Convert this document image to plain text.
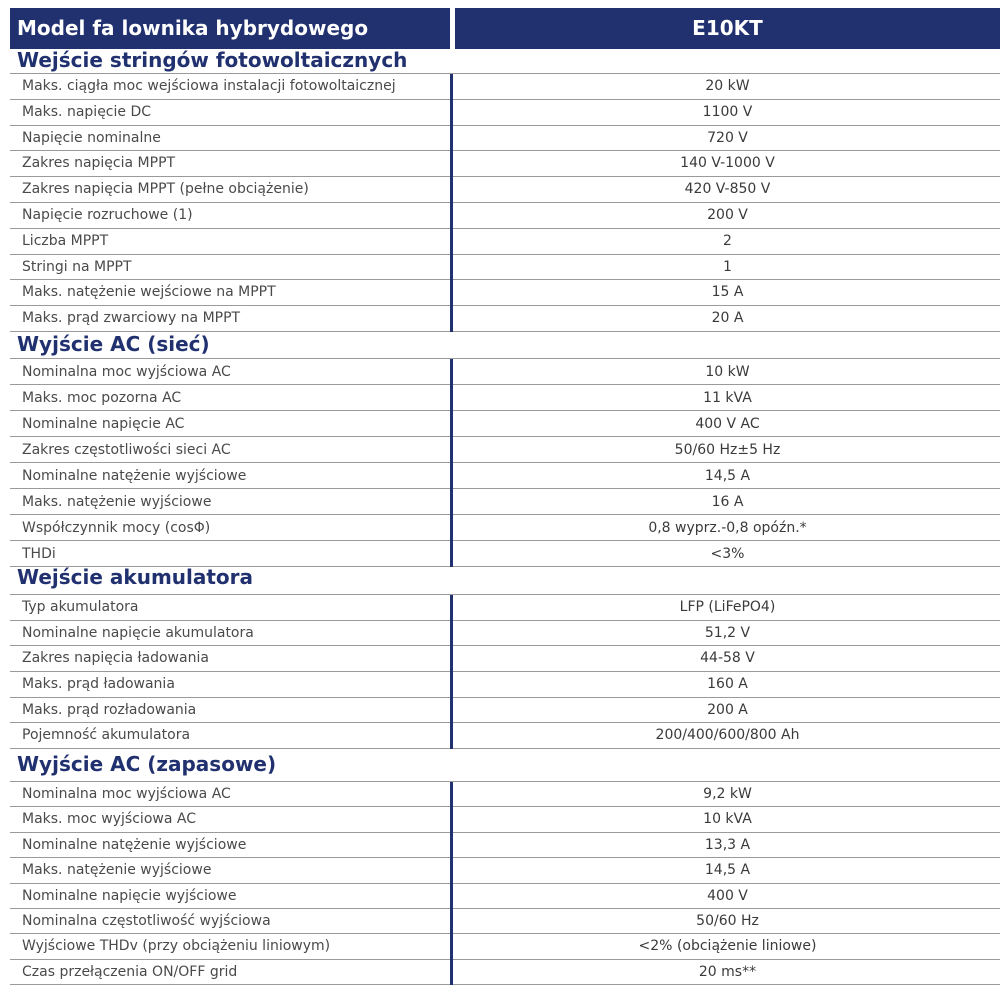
Model fa lownika hybrydowego	E10KT
Wejście stringów fotowoltaicznych
Maks. ciągła moc wejściowa instalacji fotowoltaicznej	20 kW
Maks. napięcie DC	1100 V
Napięcie nominalne	720 V
Zakres napięcia MPPT	140 V-1000 V
Zakres napięcia MPPT (pełne obciążenie)	420 V-850 V
Napięcie rozruchowe (1)	200 V
Liczba MPPT	2
Stringi na MPPT	1
Maks. natężenie wejściowe na MPPT	15 A
Maks. prąd zwarciowy na MPPT	20 A
Wyjście AC (sieć)
Nominalna moc wyjściowa AC	10 kW
Maks. moc pozorna AC	11 kVA
Nominalne napięcie AC	400 V AC
Zakres częstotliwości sieci AC	50/60 Hz±5 Hz
Nominalne natężenie wyjściowe	14,5 A
Maks. natężenie wyjściowe	16 A
Współczynnik mocy (cosΦ)	0,8 wyprz.-0,8 opóźn.*
THDi	<3%
Wejście akumulatora
Typ akumulatora	LFP (LiFePO4)
Nominalne napięcie akumulatora	51,2 V
Zakres napięcia ładowania	44-58 V
Maks. prąd ładowania	160 A
Maks. prąd rozładowania	200 A
Pojemność akumulatora	200/400/600/800 Ah
Wyjście AC (zapasowe)
Nominalna moc wyjściowa AC	9,2 kW
Maks. moc wyjściowa AC	10 kVA
Nominalne natężenie wyjściowe	13,3 A
Maks. natężenie wyjściowe	14,5 A
Nominalne napięcie wyjściowe	400 V
Nominalna częstotliwość wyjściowa	50/60 Hz
Wyjściowe THDv (przy obciążeniu liniowym)	<2% (obciążenie liniowe)
Czas przełączenia ON/OFF grid	20 ms**
